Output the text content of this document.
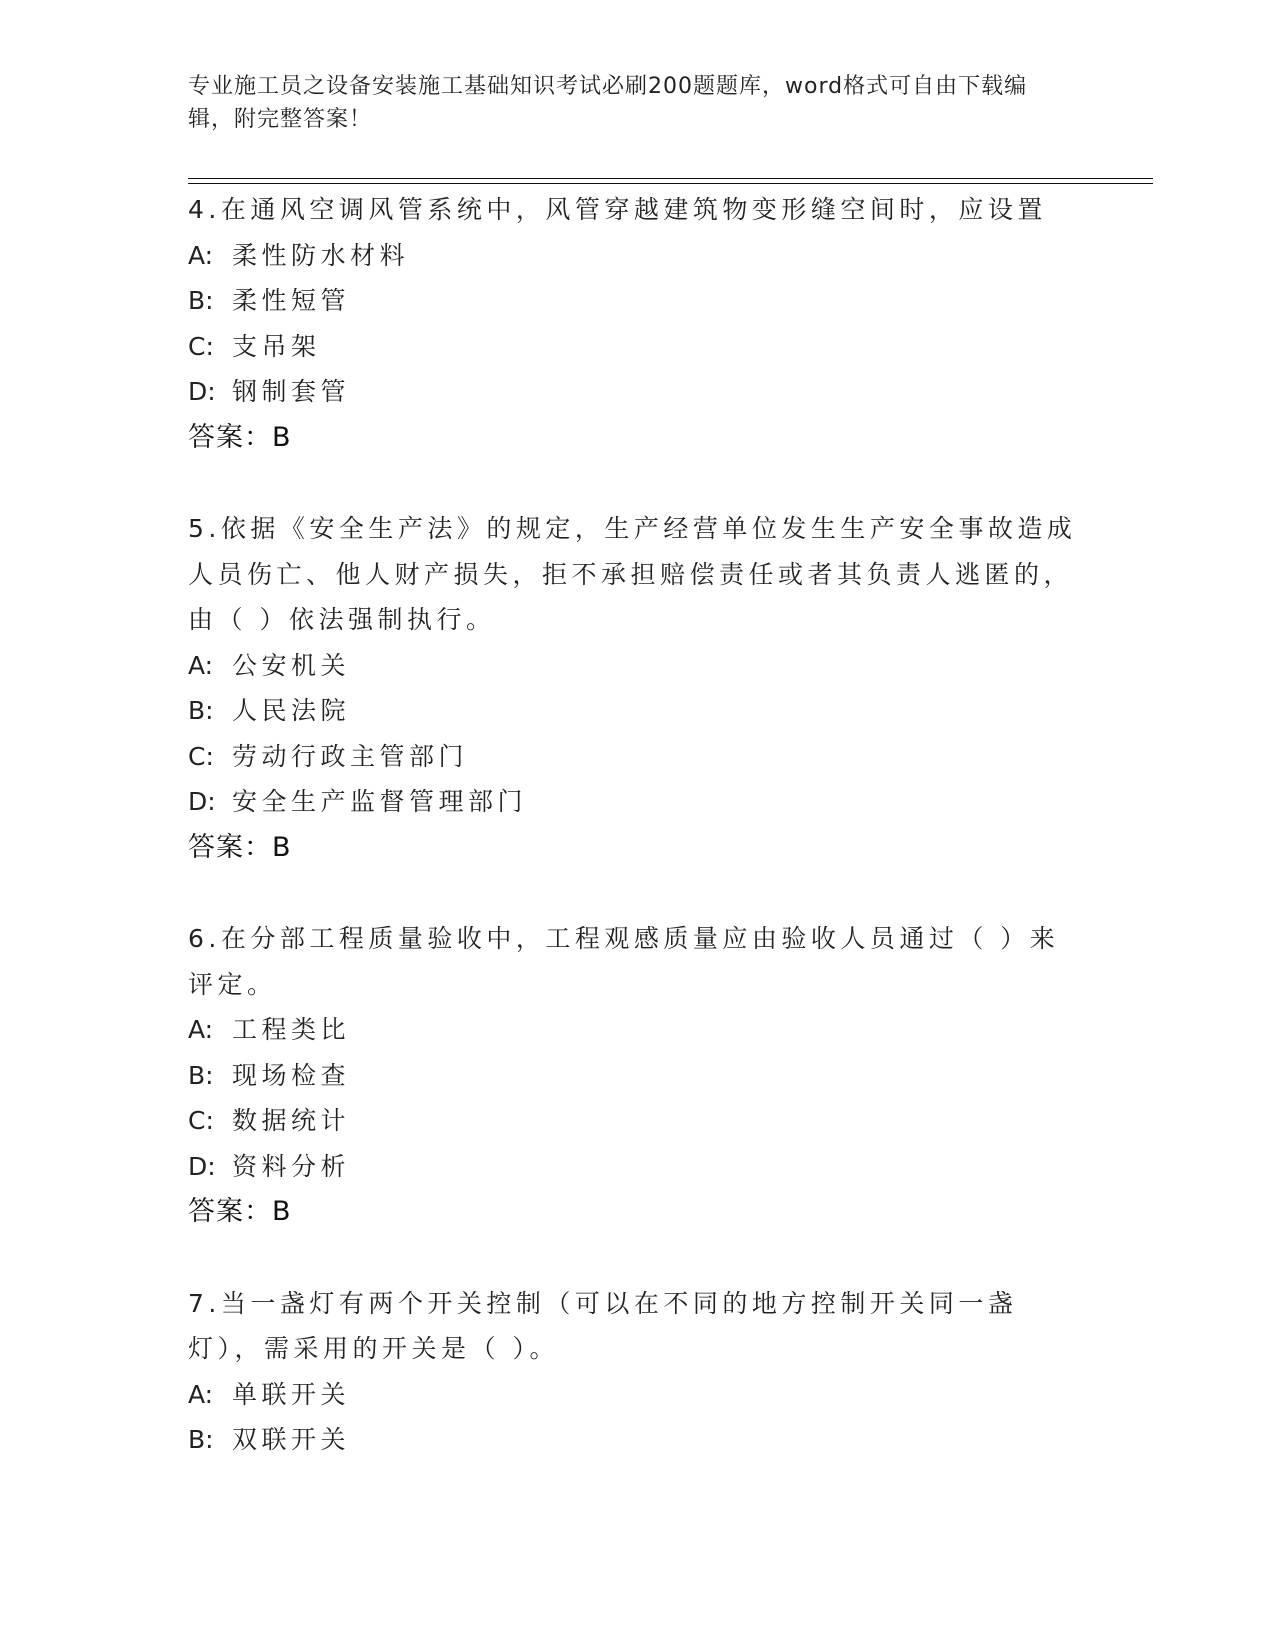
专业施工员之设备安装施工基础知识考试必刷200题题库，word格式可自由下载编辑，附完整答案！
4.在通风空调风管系统中，风管穿越建筑物变形缝空间时，应设置
A: 柔性防水材料
B: 柔性短管
C: 支吊架
D: 钢制套管
答案：B
5.依据《安全生产法》的规定，生产经营单位发生生产安全事故造成人员伤亡、他人财产损失，拒不承担赔偿责任或者其负责人逃匿的，由（ ）依法强制执行。
A: 公安机关
B: 人民法院
C: 劳动行政主管部门
D: 安全生产监督管理部门
答案：B
6.在分部工程质量验收中，工程观感质量应由验收人员通过（ ）来评定。
A: 工程类比
B: 现场检查
C: 数据统计
D: 资料分析
答案：B
7.当一盏灯有两个开关控制（可以在不同的地方控制开关同一盏灯），需采用的开关是（ ）。
A: 单联开关
B: 双联开关
